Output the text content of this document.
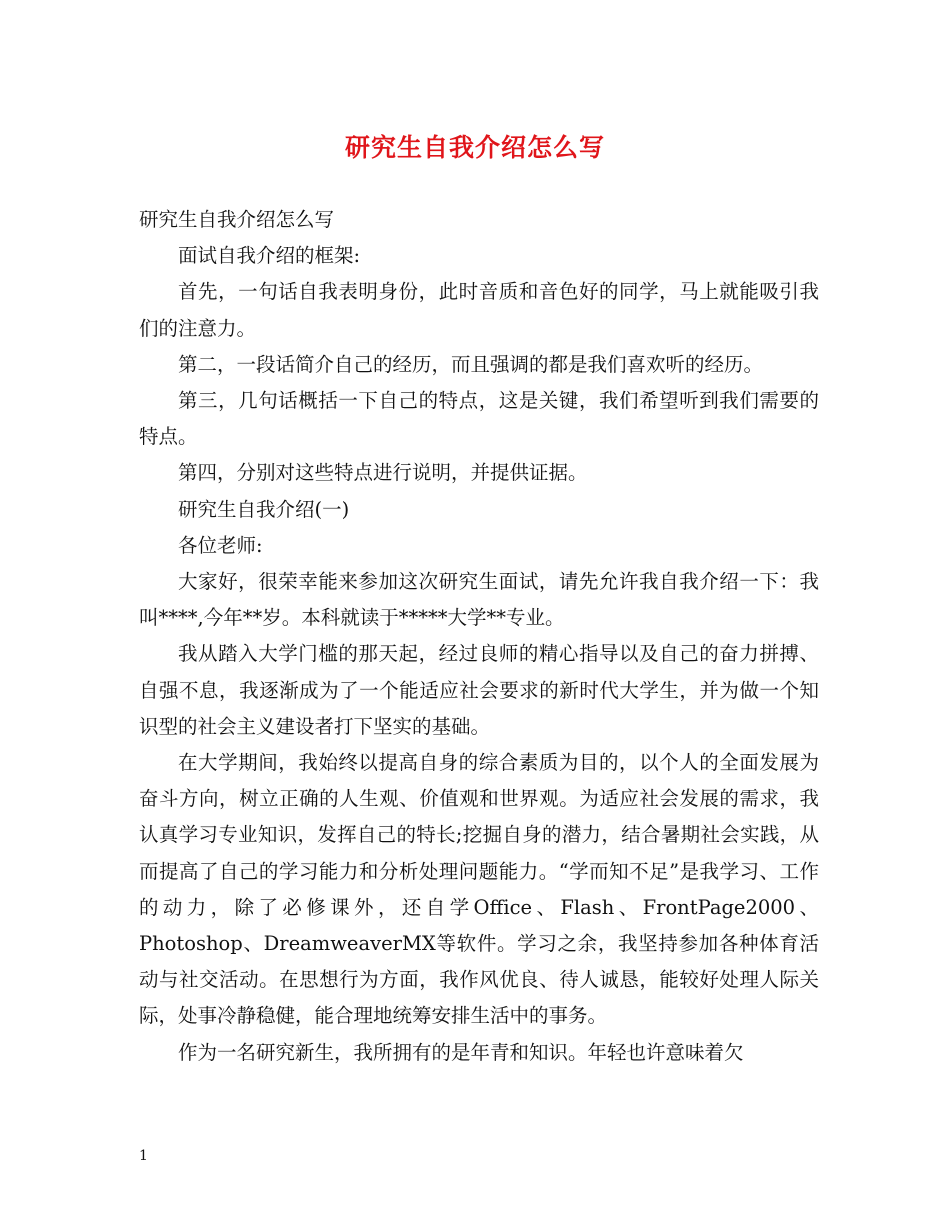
研究生自我介绍怎么写

研究生自我介绍怎么写

面试自我介绍的框架:

首先，一句话自我表明身份，此时音质和音色好的同学，马上就能吸引我们的注意力。

第二，一段话简介自己的经历，而且强调的都是我们喜欢听的经历。

第三，几句话概括一下自己的特点，这是关键，我们希望听到我们需要的特点。

第四，分别对这些特点进行说明，并提供证据。

研究生自我介绍(一)

各位老师:

大家好，很荣幸能来参加这次研究生面试，请先允许我自我介绍一下：我叫****,今年**岁。本科就读于*****大学**专业。

我从踏入大学门槛的那天起，经过良师的精心指导以及自己的奋力拼搏、自强不息，我逐渐成为了一个能适应社会要求的新时代大学生，并为做一个知识型的社会主义建设者打下坚实的基础。

在大学期间，我始终以提高自身的综合素质为目的，以个人的全面发展为奋斗方向，树立正确的人生观、价值观和世界观。为适应社会发展的需求，我认真学习专业知识，发挥自己的特长;挖掘自身的潜力，结合暑期社会实践，从而提高了自己的学习能力和分析处理问题能力。“学而知不足”是我学习、工作的动力，除了必修课外，还自学Office、Flash、FrontPage2000、Photoshop、DreamweaverMX等软件。学习之余，我坚持参加各种体育活动与社交活动。在思想行为方面，我作风优良、待人诚恳，能较好处理人际关际，处事冷静稳健，能合理地统筹安排生活中的事务。

作为一名研究新生，我所拥有的是年青和知识。年轻也许意味着欠

1
